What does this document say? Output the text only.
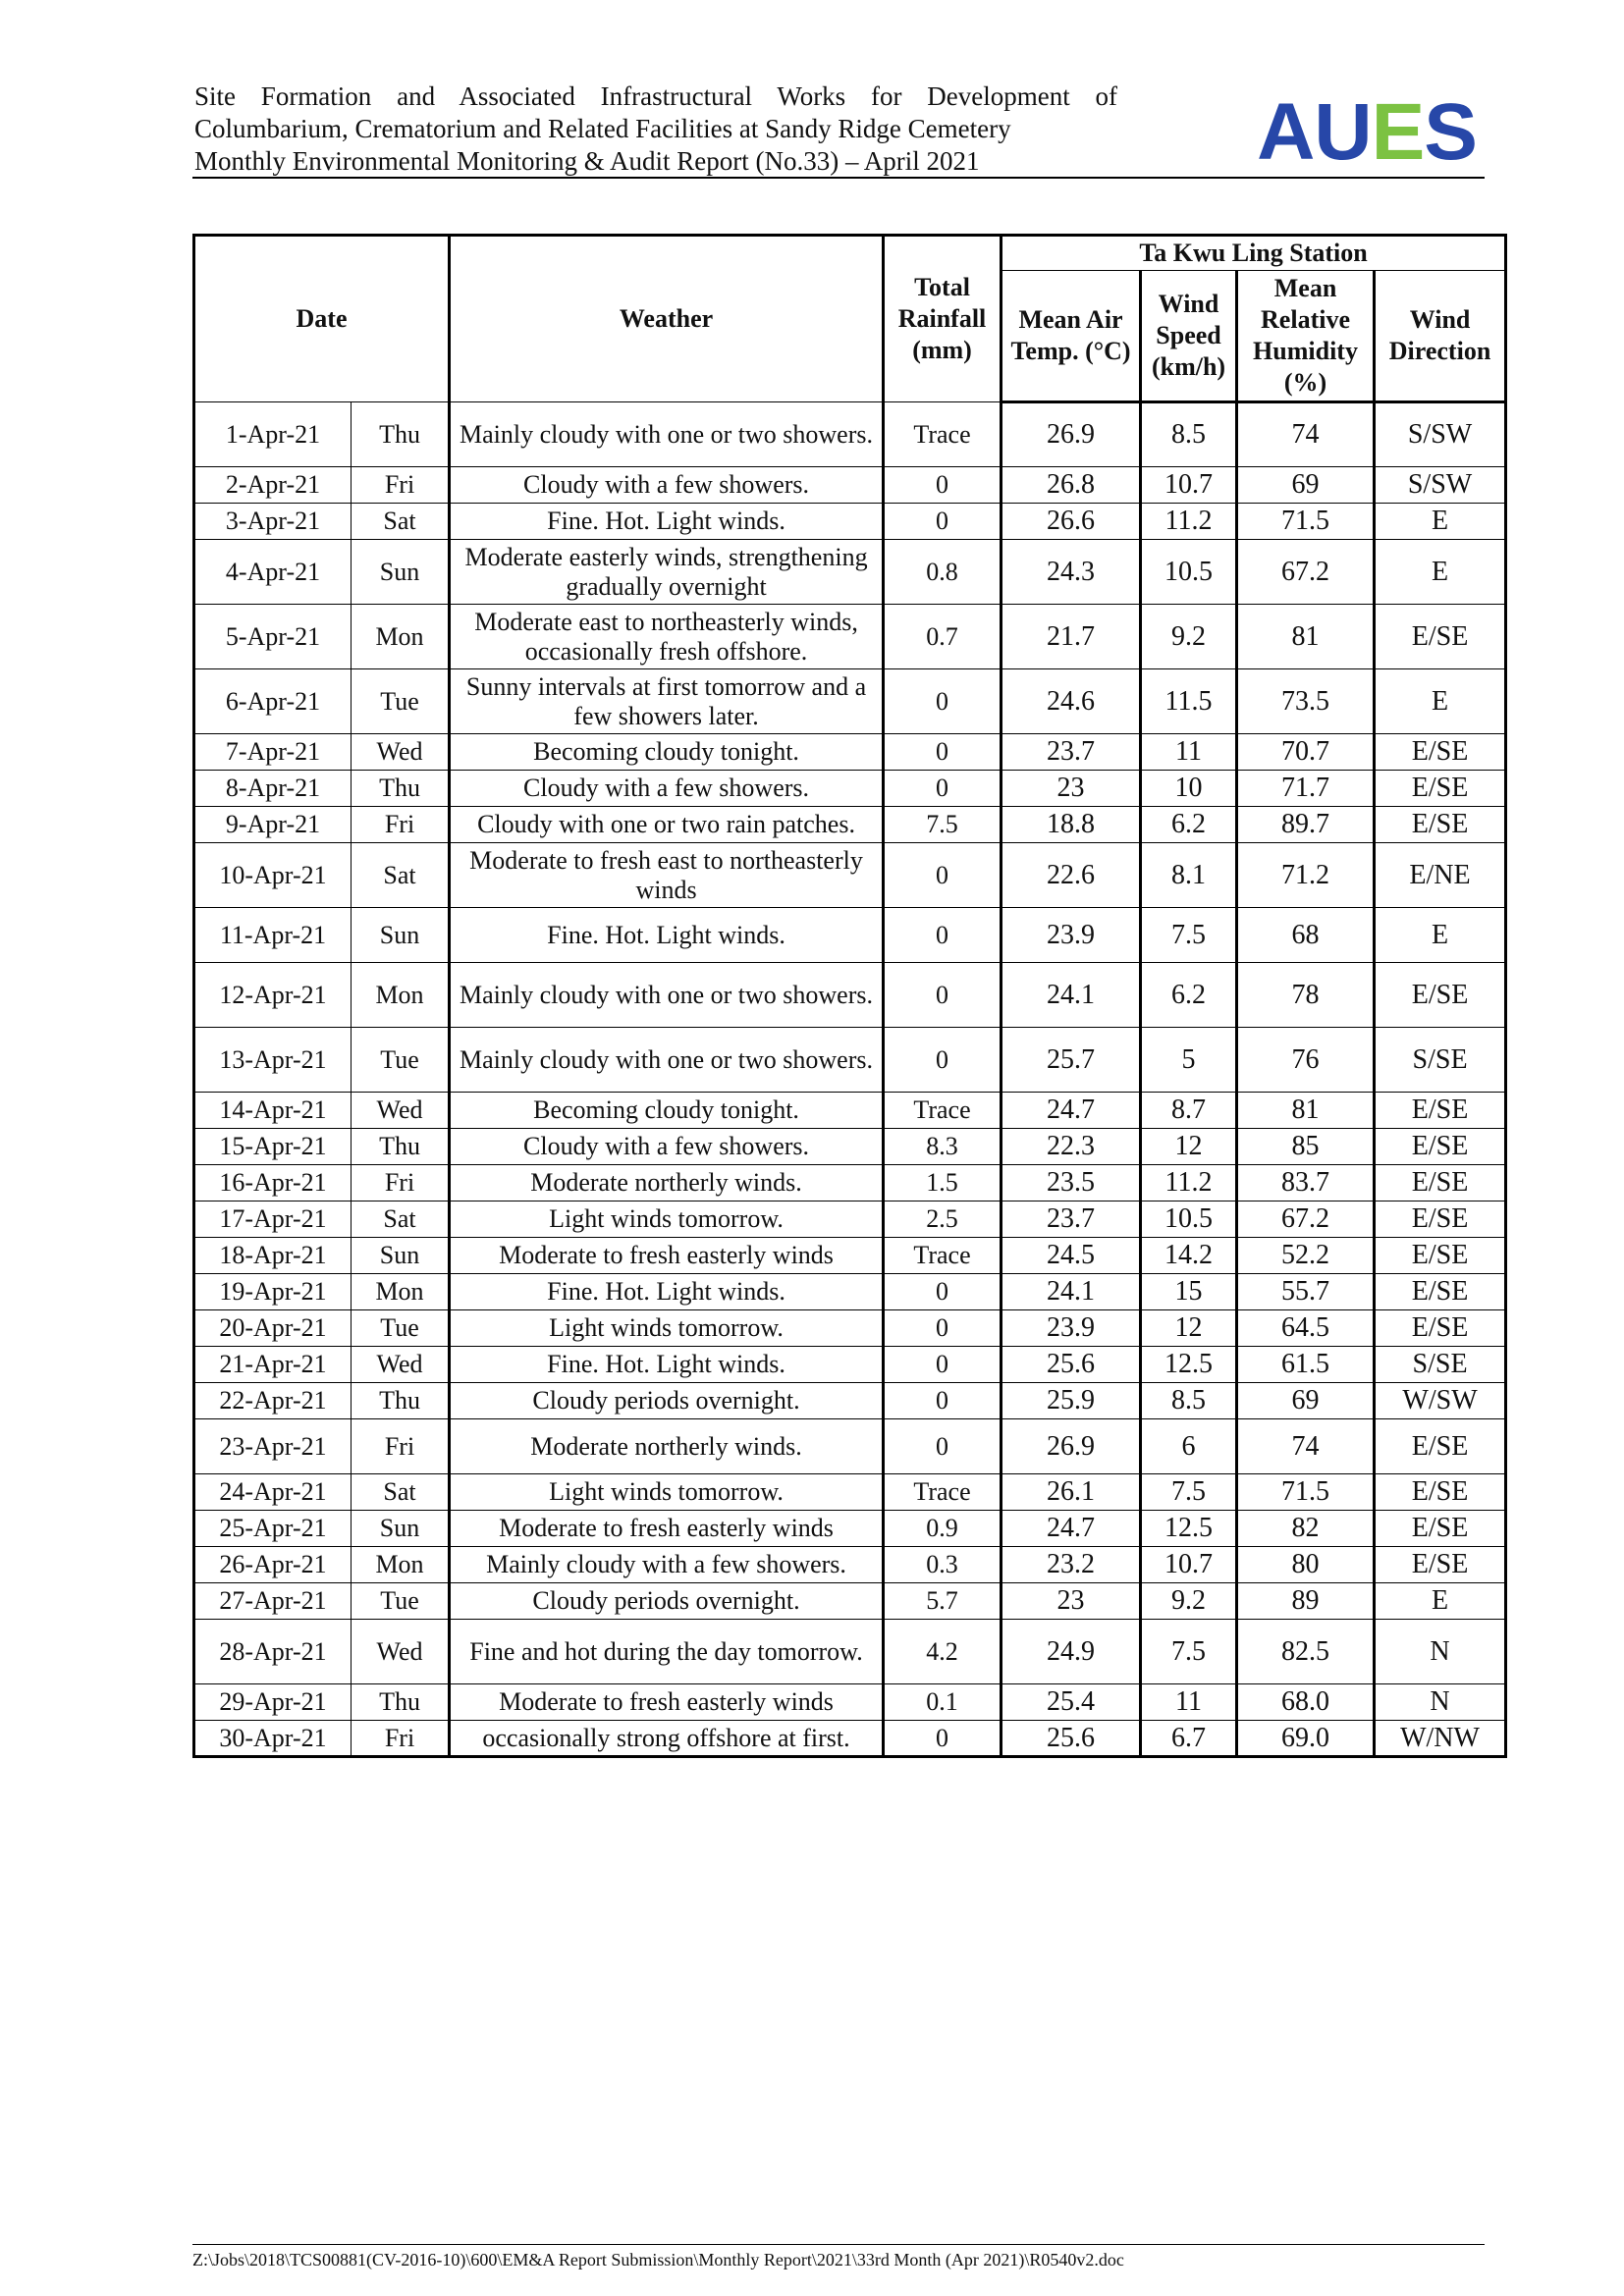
Site Formation and Associated Infrastructural Works for Development of
Columbarium, Crematorium and Related Facilities at Sandy Ridge Cemetery
Monthly Environmental Monitoring & Audit Report (No.33) – April 2021	AUES
Date		Weather	Total Rainfall (mm)	Ta Kwu Ling Station			
				Mean Air Temp. (°C)	Wind Speed (km/h)	Mean Relative Humidity (%)	Wind Direction
1-Apr-21	Thu	Mainly cloudy with one or two showers.	Trace	26.9	8.5	74	S/SW
2-Apr-21	Fri	Cloudy with a few showers.	0	26.8	10.7	69	S/SW
3-Apr-21	Sat	Fine. Hot. Light winds.	0	26.6	11.2	71.5	E
4-Apr-21	Sun	Moderate easterly winds, strengthening gradually overnight	0.8	24.3	10.5	67.2	E
5-Apr-21	Mon	Moderate east to northeasterly winds, occasionally fresh offshore.	0.7	21.7	9.2	81	E/SE
6-Apr-21	Tue	Sunny intervals at first tomorrow and a few showers later.	0	24.6	11.5	73.5	E
7-Apr-21	Wed	Becoming cloudy tonight.	0	23.7	11	70.7	E/SE
8-Apr-21	Thu	Cloudy with a few showers.	0	23	10	71.7	E/SE
9-Apr-21	Fri	Cloudy with one or two rain patches.	7.5	18.8	6.2	89.7	E/SE
10-Apr-21	Sat	Moderate to fresh east to northeasterly winds	0	22.6	8.1	71.2	E/NE
11-Apr-21	Sun	Fine. Hot. Light winds.	0	23.9	7.5	68	E
12-Apr-21	Mon	Mainly cloudy with one or two showers.	0	24.1	6.2	78	E/SE
13-Apr-21	Tue	Mainly cloudy with one or two showers.	0	25.7	5	76	S/SE
14-Apr-21	Wed	Becoming cloudy tonight.	Trace	24.7	8.7	81	E/SE
15-Apr-21	Thu	Cloudy with a few showers.	8.3	22.3	12	85	E/SE
16-Apr-21	Fri	Moderate northerly winds.	1.5	23.5	11.2	83.7	E/SE
17-Apr-21	Sat	Light winds tomorrow.	2.5	23.7	10.5	67.2	E/SE
18-Apr-21	Sun	Moderate to fresh easterly winds	Trace	24.5	14.2	52.2	E/SE
19-Apr-21	Mon	Fine. Hot. Light winds.	0	24.1	15	55.7	E/SE
20-Apr-21	Tue	Light winds tomorrow.	0	23.9	12	64.5	E/SE
21-Apr-21	Wed	Fine. Hot. Light winds.	0	25.6	12.5	61.5	S/SE
22-Apr-21	Thu	Cloudy periods overnight.	0	25.9	8.5	69	W/SW
23-Apr-21	Fri	Moderate northerly winds.	0	26.9	6	74	E/SE
24-Apr-21	Sat	Light winds tomorrow.	Trace	26.1	7.5	71.5	E/SE
25-Apr-21	Sun	Moderate to fresh easterly winds	0.9	24.7	12.5	82	E/SE
26-Apr-21	Mon	Mainly cloudy with a few showers.	0.3	23.2	10.7	80	E/SE
27-Apr-21	Tue	Cloudy periods overnight.	5.7	23	9.2	89	E
28-Apr-21	Wed	Fine and hot during the day tomorrow.	4.2	24.9	7.5	82.5	N
29-Apr-21	Thu	Moderate to fresh easterly winds	0.1	25.4	11	68.0	N
30-Apr-21	Fri	occasionally strong offshore at first.	0	25.6	6.7	69.0	W/NW
Z:\Jobs\2018\TCS00881(CV-2016-10)\600\EM&A Report Submission\Monthly Report\2021\33rd Month (Apr 2021)\R0540v2.doc
